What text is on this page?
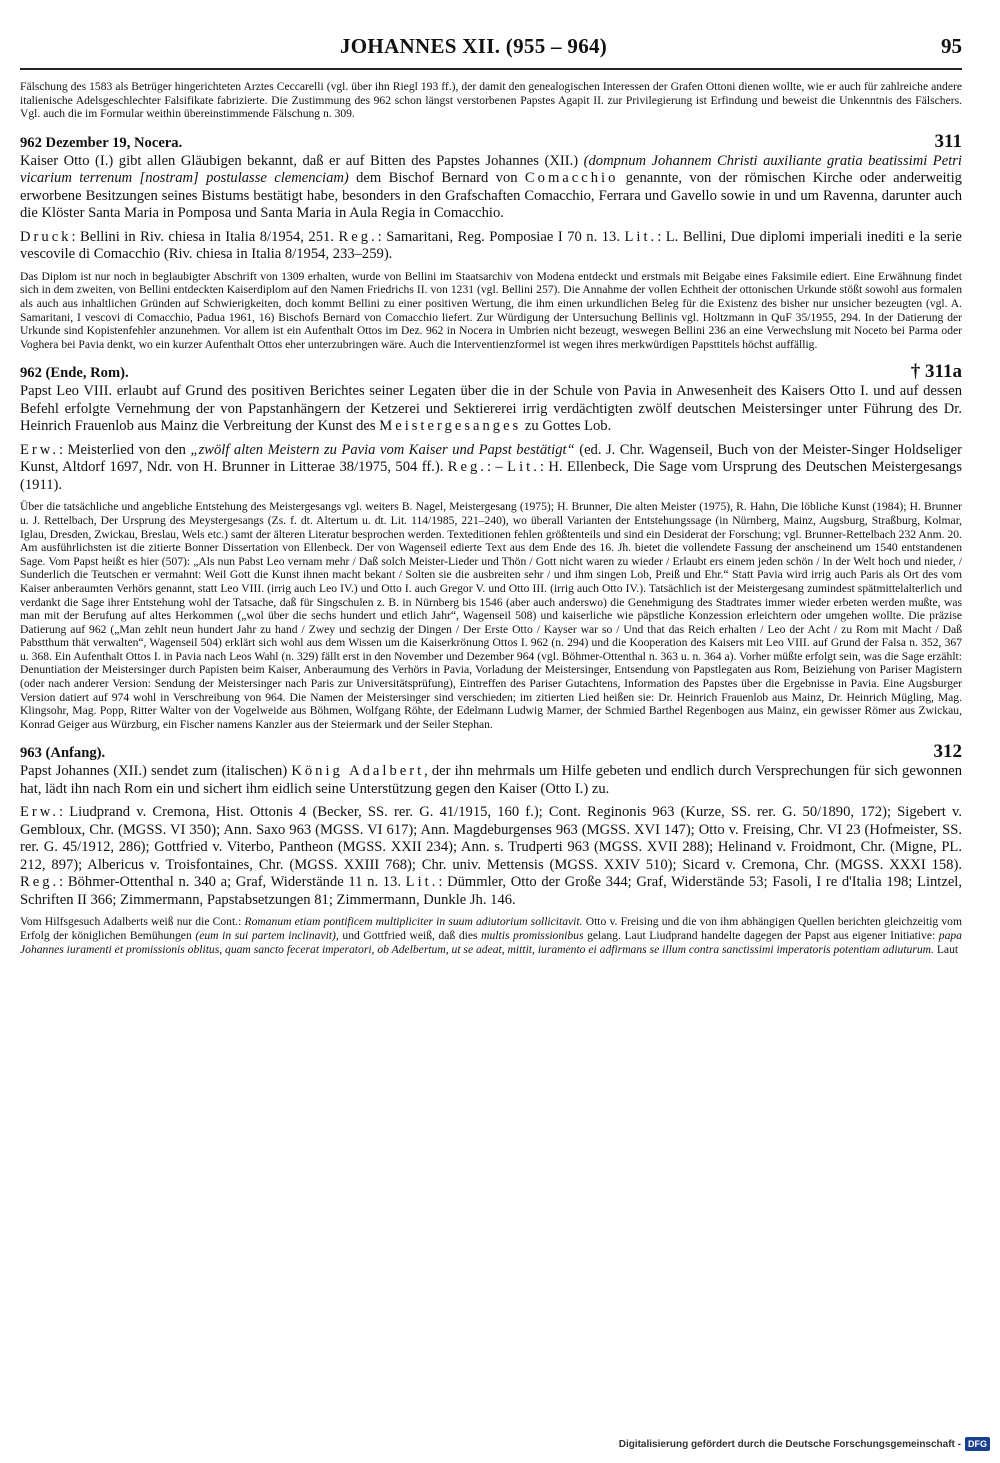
JOHANNES XII. (955 – 964)	95

Fälschung des 1583 als Betrüger hingerichteten Arztes Ceccarelli (vgl. über ihn Riegl 193 ff.), der damit den genealogischen Interessen der Grafen Ottoni dienen wollte, wie er auch für zahlreiche andere italienische Adelsgeschlechter Falsifikate fabrizierte. Die Zustimmung des 962 schon längst verstorbenen Papstes Agapit II. zur Privilegierung ist Erfindung und beweist die Unkenntnis des Fälschers. Vgl. auch die im Formular weithin übereinstimmende Fälschung n. 309.

962 Dezember 19, Nocera.	311

Kaiser Otto (I.) gibt allen Gläubigen bekannt, daß er auf Bitten des Papstes Johannes (XII.) (dompnum Johannem Christi auxiliante gratia beatissimi Petri vicarium terrenum [nostram] postulasse clemenciam) dem Bischof Bernard von Comacchio genannte, von der römischen Kirche oder anderweitig erworbene Besitzungen seines Bistums bestätigt habe, besonders in den Grafschaften Comacchio, Ferrara und Gavello sowie in und um Ravenna, darunter auch die Klöster Santa Maria in Pomposa und Santa Maria in Aula Regia in Comacchio.

Druck: Bellini in Riv. chiesa in Italia 8/1954, 251. Reg.: Samaritani, Reg. Pomposiae I 70 n. 13. Lit.: L. Bellini, Due diplomi imperiali inediti e la serie vescovile di Comacchio (Riv. chiesa in Italia 8/1954, 233–259).

Das Diplom ist nur noch in beglaubigter Abschrift von 1309 erhalten, wurde von Bellini im Staatsarchiv von Modena entdeckt und erstmals mit Beigabe eines Faksimile ediert. Eine Erwähnung findet sich in dem zweiten, von Bellini entdeckten Kaiserdiplom auf den Namen Friedrichs II. von 1231 (vgl. Bellini 257). Die Annahme der vollen Echtheit der ottonischen Urkunde stößt sowohl aus formalen als auch aus inhaltlichen Gründen auf Schwierigkeiten, doch kommt Bellini zu einer positiven Wertung, die ihm einen urkundlichen Beleg für die Existenz des bisher nur unsicher bezeugten (vgl. A. Samaritani, I vescovi di Comacchio, Padua 1961, 16) Bischofs Bernard von Comacchio liefert. Zur Würdigung der Untersuchung Bellinis vgl. Holtzmann in QuF 35/1955, 294. In der Datierung der Urkunde sind Kopistenfehler anzunehmen. Vor allem ist ein Aufenthalt Ottos im Dez. 962 in Nocera in Umbrien nicht bezeugt, weswegen Bellini 236 an eine Verwechslung mit Noceto bei Parma oder Voghera bei Pavia denkt, wo ein kurzer Aufenthalt Ottos eher unterzubringen wäre. Auch die Interventienzformel ist wegen ihres merkwürdigen Papsttitels höchst auffällig.

962 (Ende, Rom).	† 311a

Papst Leo VIII. erlaubt auf Grund des positiven Berichtes seiner Legaten über die in der Schule von Pavia in Anwesenheit des Kaisers Otto I. und auf dessen Befehl erfolgte Vernehmung der von Papstanhängern der Ketzerei und Sektiererei irrig verdächtigten zwölf deutschen Meistersinger unter Führung des Dr. Heinrich Frauenlob aus Mainz die Verbreitung der Kunst des Meistergesanges zu Gottes Lob.

Erw.: Meisterlied von den „zwölf alten Meistern zu Pavia vom Kaiser und Papst bestätigt“ (ed. J. Chr. Wagenseil, Buch von der Meister-Singer Holdseliger Kunst, Altdorf 1697, Ndr. von H. Brunner in Litterae 38/1975, 504 ff.). Reg.: – Lit.: H. Ellenbeck, Die Sage vom Ursprung des Deutschen Meistergesangs (1911).

Über die tatsächliche und angebliche Entstehung des Meistergesangs vgl. weiters B. Nagel, Meistergesang (1975); H. Brunner, Die alten Meister (1975), R. Hahn, Die löbliche Kunst (1984); H. Brunner u. J. Rettelbach, Der Ursprung des Meystergesangs (Zs. f. dt. Altertum u. dt. Lit. 114/1985, 221–240), wo überall Varianten der Entstehungssage (in Nürnberg, Mainz, Augsburg, Straßburg, Kolmar, Iglau, Dresden, Zwickau, Breslau, Wels etc.) samt der älteren Literatur besprochen werden. Texteditionen fehlen größtenteils und sind ein Desiderat der Forschung; vgl. Brunner-Rettelbach 232 Anm. 20. Am ausführlichsten ist die zitierte Bonner Dissertation von Ellenbeck. Der von Wagenseil edierte Text aus dem Ende des 16. Jh. bietet die vollendete Fassung der anscheinend um 1540 entstandenen Sage. Vom Papst heißt es hier (507): „Als nun Pabst Leo vernam mehr / Daß solch Meister-Lieder und Thön / Gott nicht waren zu wieder / Erlaubt ers einem jeden schön / In der Welt hoch und nieder, / Sunderlich die Teutschen er vermahnt: Weil Gott die Kunst ihnen macht bekant / Solten sie die ausbreiten sehr / und ihm singen Lob, Preiß und Ehr.“ Statt Pavia wird irrig auch Paris als Ort des vom Kaiser anberaumten Verhörs genannt, statt Leo VIII. (irrig auch Leo IV.) und Otto I. auch Gregor V. und Otto III. (irrig auch Otto IV.). Tatsächlich ist der Meistergesang zumindest spätmittelalterlich und verdankt die Sage ihrer Entstehung wohl der Tatsache, daß für Singschulen z. B. in Nürnberg bis 1546 (aber auch anderswo) die Genehmigung des Stadtrates immer wieder erbeten werden mußte, was man mit der Berufung auf altes Herkommen („wol über die sechs hundert und etlich Jahr“, Wagenseil 508) und kaiserliche wie päpstliche Konzession erleichtern oder umgehen wollte. Die präzise Datierung auf 962 („Man zehlt neun hundert Jahr zu hand / Zwey und sechzig der Dingen / Der Erste Otto / Kayser war so / Und that das Reich erhalten / Leo der Acht / zu Rom mit Macht / Daß Pabstthum thät verwalten“, Wagenseil 504) erklärt sich wohl aus dem Wissen um die Kaiserkrönung Ottos I. 962 (n. 294) und die Kooperation des Kaisers mit Leo VIII. auf Grund der Falsa n. 352, 367 u. 368. Ein Aufenthalt Ottos I. in Pavia nach Leos Wahl (n. 329) fällt erst in den November und Dezember 964 (vgl. Böhmer-Ottenthal n. 363 u. n. 364 a). Vorher müßte erfolgt sein, was die Sage erzählt: Denuntiation der Meistersinger durch Papisten beim Kaiser, Anberaumung des Verhörs in Pavia, Vorladung der Meistersinger, Entsendung von Papstlegaten aus Rom, Beiziehung von Pariser Magistern (oder nach anderer Version: Sendung der Meistersinger nach Paris zur Universitätsprüfung), Eintreffen des Pariser Gutachtens, Information des Papstes über die Ergebnisse in Pavia. Eine Augsburger Version datiert auf 974 wohl in Verschreibung von 964. Die Namen der Meistersinger sind verschieden; im zitierten Lied heißen sie: Dr. Heinrich Frauenlob aus Mainz, Dr. Heinrich Mügling, Mag. Klingsohr, Mag. Popp, Ritter Walter von der Vogelweide aus Böhmen, Wolfgang Röhte, der Edelmann Ludwig Marner, der Schmied Barthel Regenbogen aus Mainz, ein gewisser Römer aus Zwickau, Konrad Geiger aus Würzburg, ein Fischer namens Kanzler aus der Steiermark und der Seiler Stephan.

963 (Anfang).	312

Papst Johannes (XII.) sendet zum (italischen) König Adalbert, der ihn mehrmals um Hilfe gebeten und endlich durch Versprechungen für sich gewonnen hat, lädt ihn nach Rom ein und sichert ihm eidlich seine Unterstützung gegen den Kaiser (Otto I.) zu.

Erw.: Liudprand v. Cremona, Hist. Ottonis 4 (Becker, SS. rer. G. 41/1915, 160 f.); Cont. Reginonis 963 (Kurze, SS. rer. G. 50/1890, 172); Sigebert v. Gembloux, Chr. (MGSS. VI 350); Ann. Saxo 963 (MGSS. VI 617); Ann. Magdeburgenses 963 (MGSS. XVI 147); Otto v. Freising, Chr. VI 23 (Hofmeister, SS. rer. G. 45/1912, 286); Gottfried v. Viterbo, Pantheon (MGSS. XXII 234); Ann. s. Trudperti 963 (MGSS. XVII 288); Helinand v. Froidmont, Chr. (Migne, PL. 212, 897); Albericus v. Troisfontaines, Chr. (MGSS. XXIII 768); Chr. univ. Mettensis (MGSS. XXIV 510); Sicard v. Cremona, Chr. (MGSS. XXXI 158). Reg.: Böhmer-Ottenthal n. 340 a; Graf, Widerstände 11 n. 13. Lit.: Dümmler, Otto der Große 344; Graf, Widerstände 53; Fasoli, I re d'Italia 198; Lintzel, Schriften II 366; Zimmermann, Papstabsetzungen 81; Zimmermann, Dunkle Jh. 146.

Vom Hilfsgesuch Adalberts weiß nur die Cont.: Romanum etiam pontificem multipliciter in suum adiutorium sollicitavit. Otto v. Freising und die von ihm abhängigen Quellen berichten gleichzeitig vom Erfolg der königlichen Bemühungen (eum in sui partem inclinavit), und Gottfried weiß, daß dies multis promissionibus gelang. Laut Liudprand handelte dagegen der Papst aus eigener Initiative: papa Johannes iuramenti et promissionis oblitus, quam sancto fecerat imperatori, ob Adelbertum, ut se adeat, mittit, iuramento ei adfirmans se illum contra sanctissimi imperatoris potentiam adiuturum. Laut

Digitalisierung gefördert durch die Deutsche Forschungsgemeinschaft - DFG
